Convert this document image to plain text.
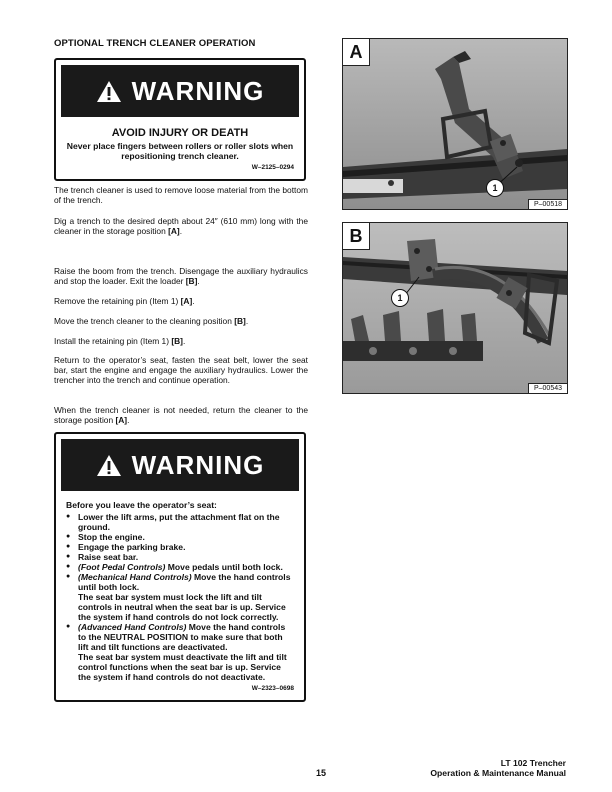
OPTIONAL TRENCH CLEANER OPERATION
WARNING
AVOID INJURY OR DEATH
Never place fingers between rollers or roller slots when repositioning trench cleaner.
W–2125–0294
The trench cleaner is used to remove loose material from the bottom of the trench.
Dig a trench to the desired depth about 24″ (610 mm) long with the cleaner in the storage position [A].
Raise the boom from the trench. Disengage the auxiliary hydraulics and stop the loader. Exit the loader [B].
Remove the retaining pin (Item 1) [A].
Move the trench cleaner to the cleaning position [B].
Install the retaining pin (Item 1) [B].
Return to the operator’s seat, fasten the seat belt, lower the seat bar, start the engine and engage the auxiliary hydraulics. Lower the trencher into the trench and continue operation.
When the trench cleaner is not needed, return the cleaner to the storage position [A].
WARNING
Before you leave the operator’s seat:
● Lower the lift arms, put the attachment flat on the ground.
● Stop the engine.
● Engage the parking brake.
● Raise seat bar.
● (Foot Pedal Controls) Move pedals until both lock.
● (Mechanical Hand Controls) Move the hand controls until both lock.
The seat bar system must lock the lift and tilt controls in neutral when the seat bar is up. Service the system if hand controls do not lock correctly.
● (Advanced Hand Controls) Move the hand controls to the NEUTRAL POSITION to make sure that both lift and tilt functions are deactivated.
The seat bar system must deactivate the lift and tilt control functions when the seat bar is up. Service the system if hand controls do not deactivate.
W–2323–0698
A
1
P–00518
B
1
P–00543
15
LT 102 Trencher
Operation & Maintenance Manual
